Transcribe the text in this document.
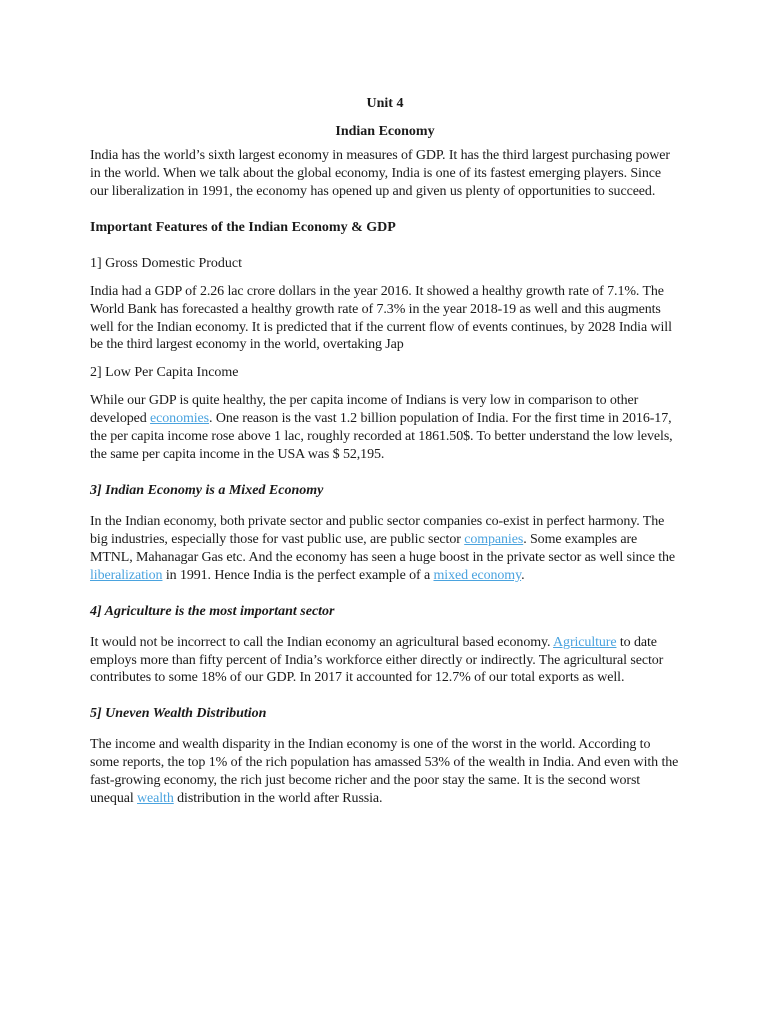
Unit 4
Indian Economy

India has the world’s sixth largest economy in measures of GDP. It has the third largest purchasing power in the world. When we talk about the global economy, India is one of its fastest emerging players. Since our liberalization in 1991, the economy has opened up and given us plenty of opportunities to succeed.

Important Features of the Indian Economy & GDP
1] Gross Domestic Product

India had a GDP of 2.26 lac crore dollars in the year 2016. It showed a healthy growth rate of 7.1%. The World Bank has forecasted a healthy growth rate of 7.3% in the year 2018-19 as well and this augments well for the Indian economy. It is predicted that if the current flow of events continues, by 2028 India will be the third largest economy in the world, overtaking Jap

2] Low Per Capita Income

While our GDP is quite healthy, the per capita income of Indians is very low in comparison to other developed economies. One reason is the vast 1.2 billion population of India. For the first time in 2016-17, the per capita income rose above 1 lac, roughly recorded at 1861.50$. To better understand the low levels, the same per capita income in the USA was $ 52,195.

3] Indian Economy is a Mixed Economy

In the Indian economy, both private sector and public sector companies co-exist in perfect harmony. The big industries, especially those for vast public use, are public sector companies. Some examples are MTNL, Mahanagar Gas etc. And the economy has seen a huge boost in the private sector as well since the liberalization in 1991. Hence India is the perfect example of a mixed economy.

4] Agriculture is the most important sector

It would not be incorrect to call the Indian economy an agricultural based economy. Agriculture to date employs more than fifty percent of India’s workforce either directly or indirectly. The agricultural sector contributes to some 18% of our GDP. In 2017 it accounted for 12.7% of our total exports as well.

5] Uneven Wealth Distribution

The income and wealth disparity in the Indian economy is one of the worst in the world. According to some reports, the top 1% of the rich population has amassed 53% of the wealth in India. And even with the fast-growing economy, the rich just become richer and the poor stay the same. It is the second worst unequal wealth distribution in the world after Russia.
